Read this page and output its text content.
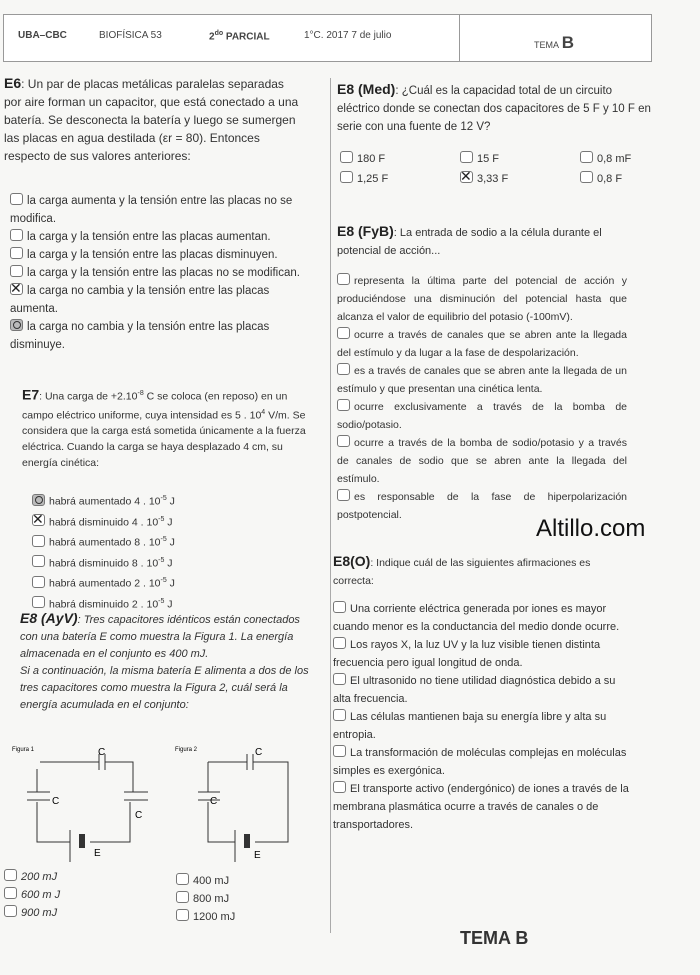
UBA–CBC	BIOFÍSICA 53	$2^{do}$ PARCIAL	1°C. 2017 7 de julio
TEMA B
E6: Un par de placas metálicas paralelas separadas por aire forman un capacitor, que está conectado a una batería. Se desconecta la batería y luego se sumergen las placas en agua destilada (εr = 80). Entonces respecto de sus valores anteriores:
la carga aumenta y la tensión entre las placas no se modifica.
la carga y la tensión entre las placas aumentan.
la carga y la tensión entre las placas disminuyen.
la carga y la tensión entre las placas no se modifican.
✕la carga no cambia y la tensión entre las placas aumenta.
la carga no cambia y la tensión entre las placas disminuye.
E7: Una carga de $+2.10^{-8}$ C se coloca (en reposo) en un campo eléctrico uniforme, cuya intensidad es 5 . $10^4$ V/m. Se considera que la carga está sometida únicamente a la fuerza eléctrica. Cuando la carga se haya desplazado 4 cm, su energía cinética:
habrá aumentado 4 . $10^{-5}$ J
✕habrá disminuido 4 . $10^{-5}$ J
habrá aumentado 8 . $10^{-5}$ J
habrá disminuido 8 . $10^{-5}$ J
habrá aumentado 2 . $10^{-5}$ J
habrá disminuido 2 . $10^{-5}$ J
E8 (AyV): Tres capacitores idénticos están conectados con una batería E como muestra la Figura 1. La energía almacenada en el conjunto es 400 mJ.
Si a continuación, la misma batería E alimenta a dos de los tres capacitores como muestra la Figura 2, cuál será la energía acumulada en el conjunto:
Figura 1	Figura 2
C
C
C
E
C
C
E
200 mJ
600 m J
900 mJ
400 mJ
800 mJ
1200 mJ
E8 (Med): ¿Cuál es la capacidad total de un circuito eléctrico donde se conectan dos capacitores de 5 F y 10 F en serie con una fuente de 12 V?
180 F	15 F	0,8 mF
1,25 F ✕	3,33 F	0,8 F
E8 (FyB): La entrada de sodio a la célula durante el potencial de acción...
representa la última parte del potencial de acción y produciéndose una disminución del potencial hasta que alcanza el valor de equilibrio del potasio (-100mV).
ocurre a través de canales que se abren ante la llegada del estímulo y da lugar a la fase de despolarización.
es a través de canales que se abren ante la llegada de un estímulo y que presentan una cinética lenta.
ocurre exclusivamente a través de la bomba de sodio/potasio.
ocurre a través de la bomba de sodio/potasio y a través de canales de sodio que se abren ante la llegada del estímulo.
es responsable de la fase de hiperpolarización postpotencial.	Altillo.com
E8(O): Indique cuál de las siguientes afirmaciones es correcta:
Una corriente eléctrica generada por iones es mayor cuando menor es la conductancia del medio donde ocurre.
Los rayos X, la luz UV y la luz visible tienen distinta frecuencia pero igual longitud de onda.
El ultrasonido no tiene utilidad diagnóstica debido a su alta frecuencia.
Las células mantienen baja su energía libre y alta su entropia.
La transformación de moléculas complejas en moléculas simples es exergónica.
El transporte activo (endergónico) de iones a través de la membrana plasmática ocurre a través de canales o de transportadores.
TEMA B
